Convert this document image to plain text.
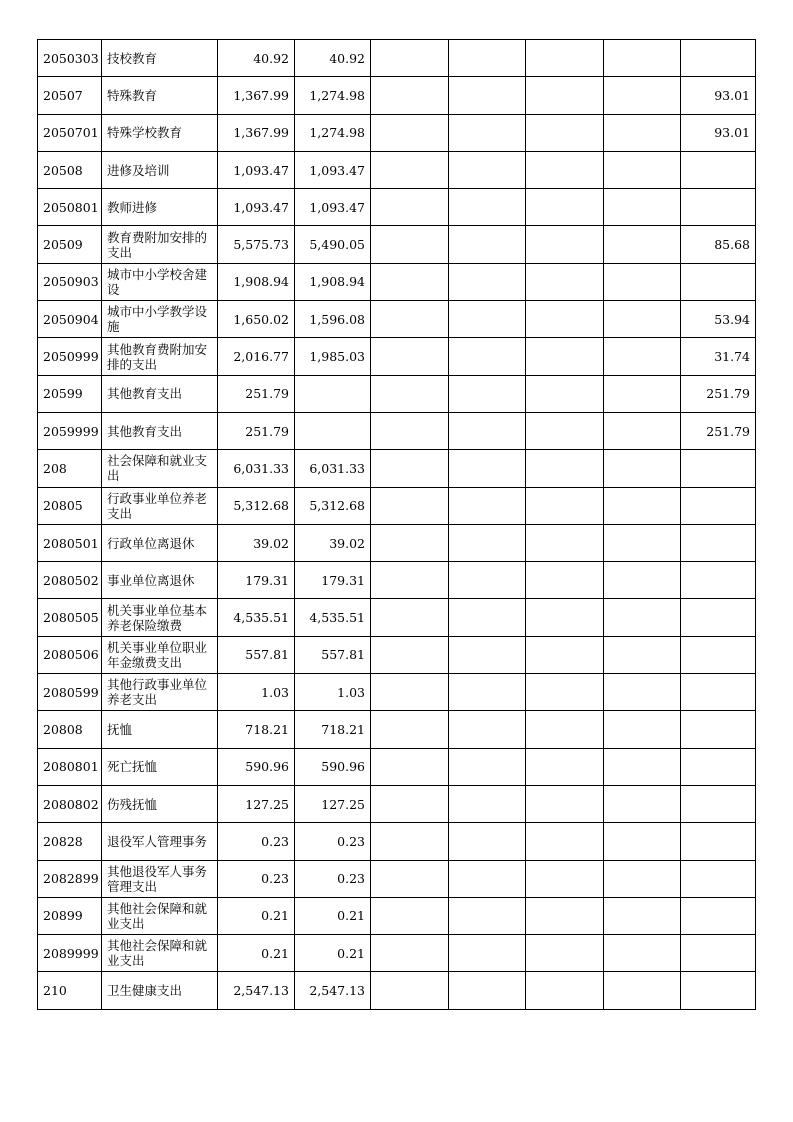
2050303	技校教育	40.92	40.92					
20507	特殊教育	1,367.99	1,274.98					93.01
2050701	特殊学校教育	1,367.99	1,274.98					93.01
20508	进修及培训	1,093.47	1,093.47					
2050801	教师进修	1,093.47	1,093.47					
20509	教育费附加安排的支出	5,575.73	5,490.05					85.68
2050903	城市中小学校舍建设	1,908.94	1,908.94					
2050904	城市中小学教学设施	1,650.02	1,596.08					53.94
2050999	其他教育费附加安排的支出	2,016.77	1,985.03					31.74
20599	其他教育支出	251.79						251.79
2059999	其他教育支出	251.79						251.79
208	社会保障和就业支出	6,031.33	6,031.33					
20805	行政事业单位养老支出	5,312.68	5,312.68					
2080501	行政单位离退休	39.02	39.02					
2080502	事业单位离退休	179.31	179.31					
2080505	机关事业单位基本养老保险缴费	4,535.51	4,535.51					
2080506	机关事业单位职业年金缴费支出	557.81	557.81					
2080599	其他行政事业单位养老支出	1.03	1.03					
20808	抚恤	718.21	718.21					
2080801	死亡抚恤	590.96	590.96					
2080802	伤残抚恤	127.25	127.25					
20828	退役军人管理事务	0.23	0.23					
2082899	其他退役军人事务管理支出	0.23	0.23					
20899	其他社会保障和就业支出	0.21	0.21					
2089999	其他社会保障和就业支出	0.21	0.21					
210	卫生健康支出	2,547.13	2,547.13					
